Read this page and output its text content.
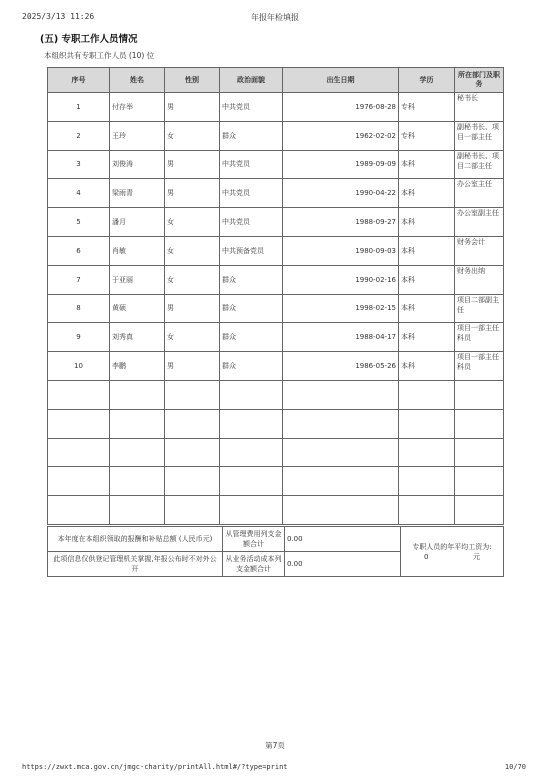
2025/3/13 11:26	年报年检填报
(五) 专职工作人员情况
本组织共有专职工作人员 (10) 位
序号	姓名	性别	政治面貌	出生日期	学历	所在部门及职务
1	付存举	男	中共党员	1976-08-28	专科	秘书长
2	王玲	女	群众	1962-02-02	专科	副秘书长、项目一部主任
3	刘俊涛	男	中共党员	1989-09-09	本科	副秘书长、项目二部主任
4	梁雨青	男	中共党员	1990-04-22	本科	办公室主任
5	潘月	女	中共党员	1988-09-27	本科	办公室副主任
6	肖敏	女	中共预备党员	1980-09-03	本科	财务会计
7	于亚丽	女	群众	1990-02-16	本科	财务出纳
8	黄硕	男	群众	1998-02-15	本科	项目二部副主任
9	刘秀真	女	群众	1988-04-17	本科	项目一部主任科员
10	李鹏	男	群众	1986-05-26	本科	项目一部主任科员

本年度在本组织领取的报酬和补贴总额 (人民币元)	从管理费用列支金额合计	0.00	专职人员的年平均工资为:
0 元

此项信息仅供登记管理机关掌握,年报公布时不对外公开	从业务活动成本列支金额合计	0.00	
第7页
https://zwxt.mca.gov.cn/jmgc-charity/printAll.html#/?type=print	10/70
